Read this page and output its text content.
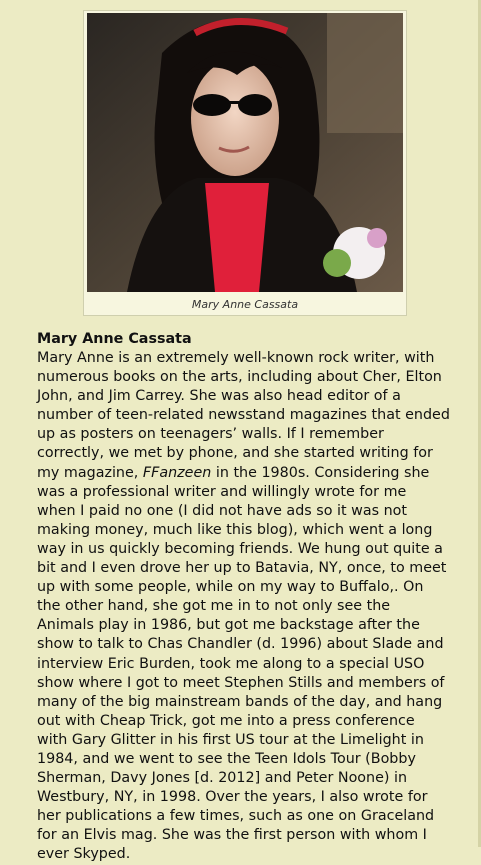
Mary Anne Cassata

Mary Anne Cassata

Mary Anne is an extremely well-known rock writer, with
numerous books on the arts, including about Cher, Elton
John, and Jim Carrey. She was also head editor of a
number of teen-related newsstand magazines that ended
up as posters on teenagers’ walls. If I remember
correctly, we met by phone, and she started writing for
my magazine, FFanzeen in the 1980s. Considering she
was a professional writer and willingly wrote for me
when I paid no one (I did not have ads so it was not
making money, much like this blog), which went a long
way in us quickly becoming friends. We hung out quite a
bit and I even drove her up to Batavia, NY, once, to meet
up with some people, while on my way to Buffalo,. On
the other hand, she got me in to not only see the
Animals play in 1986, but got me backstage after the
show to talk to Chas Chandler (d. 1996) about Slade and
interview Eric Burden, took me along to a special USO
show where I got to meet Stephen Stills and members of
many of the big mainstream bands of the day, and hang
out with Cheap Trick, got me into a press conference
with Gary Glitter in his first US tour at the Limelight in
1984, and we went to see the Teen Idols Tour (Bobby
Sherman, Davy Jones [d. 2012] and Peter Noone) in
Westbury, NY, in 1998. Over the years, I also wrote for
her publications a few times, such as one on Graceland
for an Elvis mag. She was the first person with whom I
ever Skyped.
